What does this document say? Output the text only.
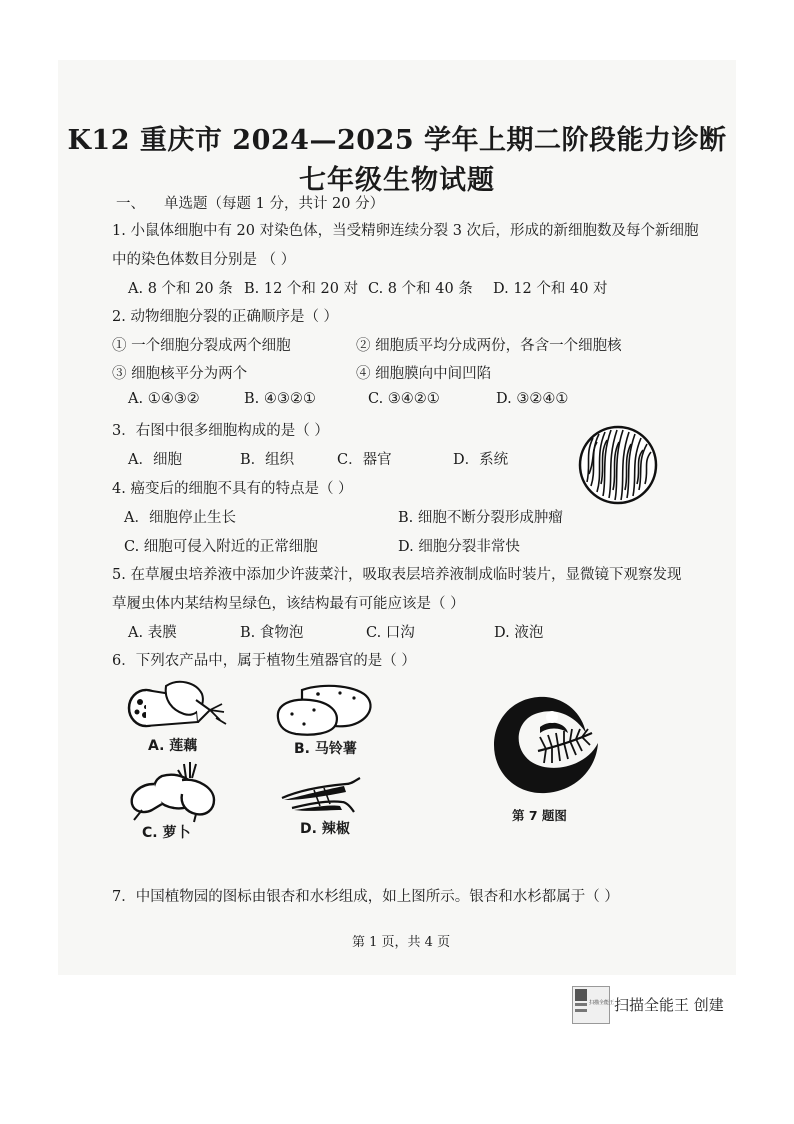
K12 重庆市 2024—2025 学年上期二阶段能力诊断
七年级生物试题
一、 单选题（每题 1 分，共计 20 分）
1. 小鼠体细胞中有 20 对染色体，当受精卵连续分裂 3 次后，形成的新细胞数及每个新细胞
中的染色体数目分别是 （ ）
A. 8 个和 20 条 B. 12 个和 20 对 C. 8 个和 40 条 D. 12 个和 40 对
2. 动物细胞分裂的正确顺序是（ ）
① 一个细胞分裂成两个细胞	② 细胞质平均分成两份，各含一个细胞核
③ 细胞核平分为两个	④ 细胞膜向中间凹陷
A. ①④③②	B. ④③②①	C. ③④②①	D. ③②④①
3．右图中很多细胞构成的是（ ）
A．细胞	B．组织	C．器官	D．系统
4. 癌变后的细胞不具有的特点是（ ）
A．细胞停止生长	B. 细胞不断分裂形成肿瘤
C. 细胞可侵入附近的正常细胞	D. 细胞分裂非常快
5. 在草履虫培养液中添加少许菠菜汁，吸取表层培养液制成临时装片，显微镜下观察发现
草履虫体内某结构呈绿色，该结构最有可能应该是（ ）
A. 表膜	B. 食物泡	C. 口沟	D. 液泡
6．下列农产品中，属于植物生殖器官的是（ ）
A. 莲藕	B. 马铃薯
C. 萝卜	D. 辣椒
第 7 题图
7．中国植物园的图标由银杏和水杉组成，如上图所示。银杏和水杉都属于（ ）
第 1 页，共 4 页
扫描全能王 扫描全能王 创建
